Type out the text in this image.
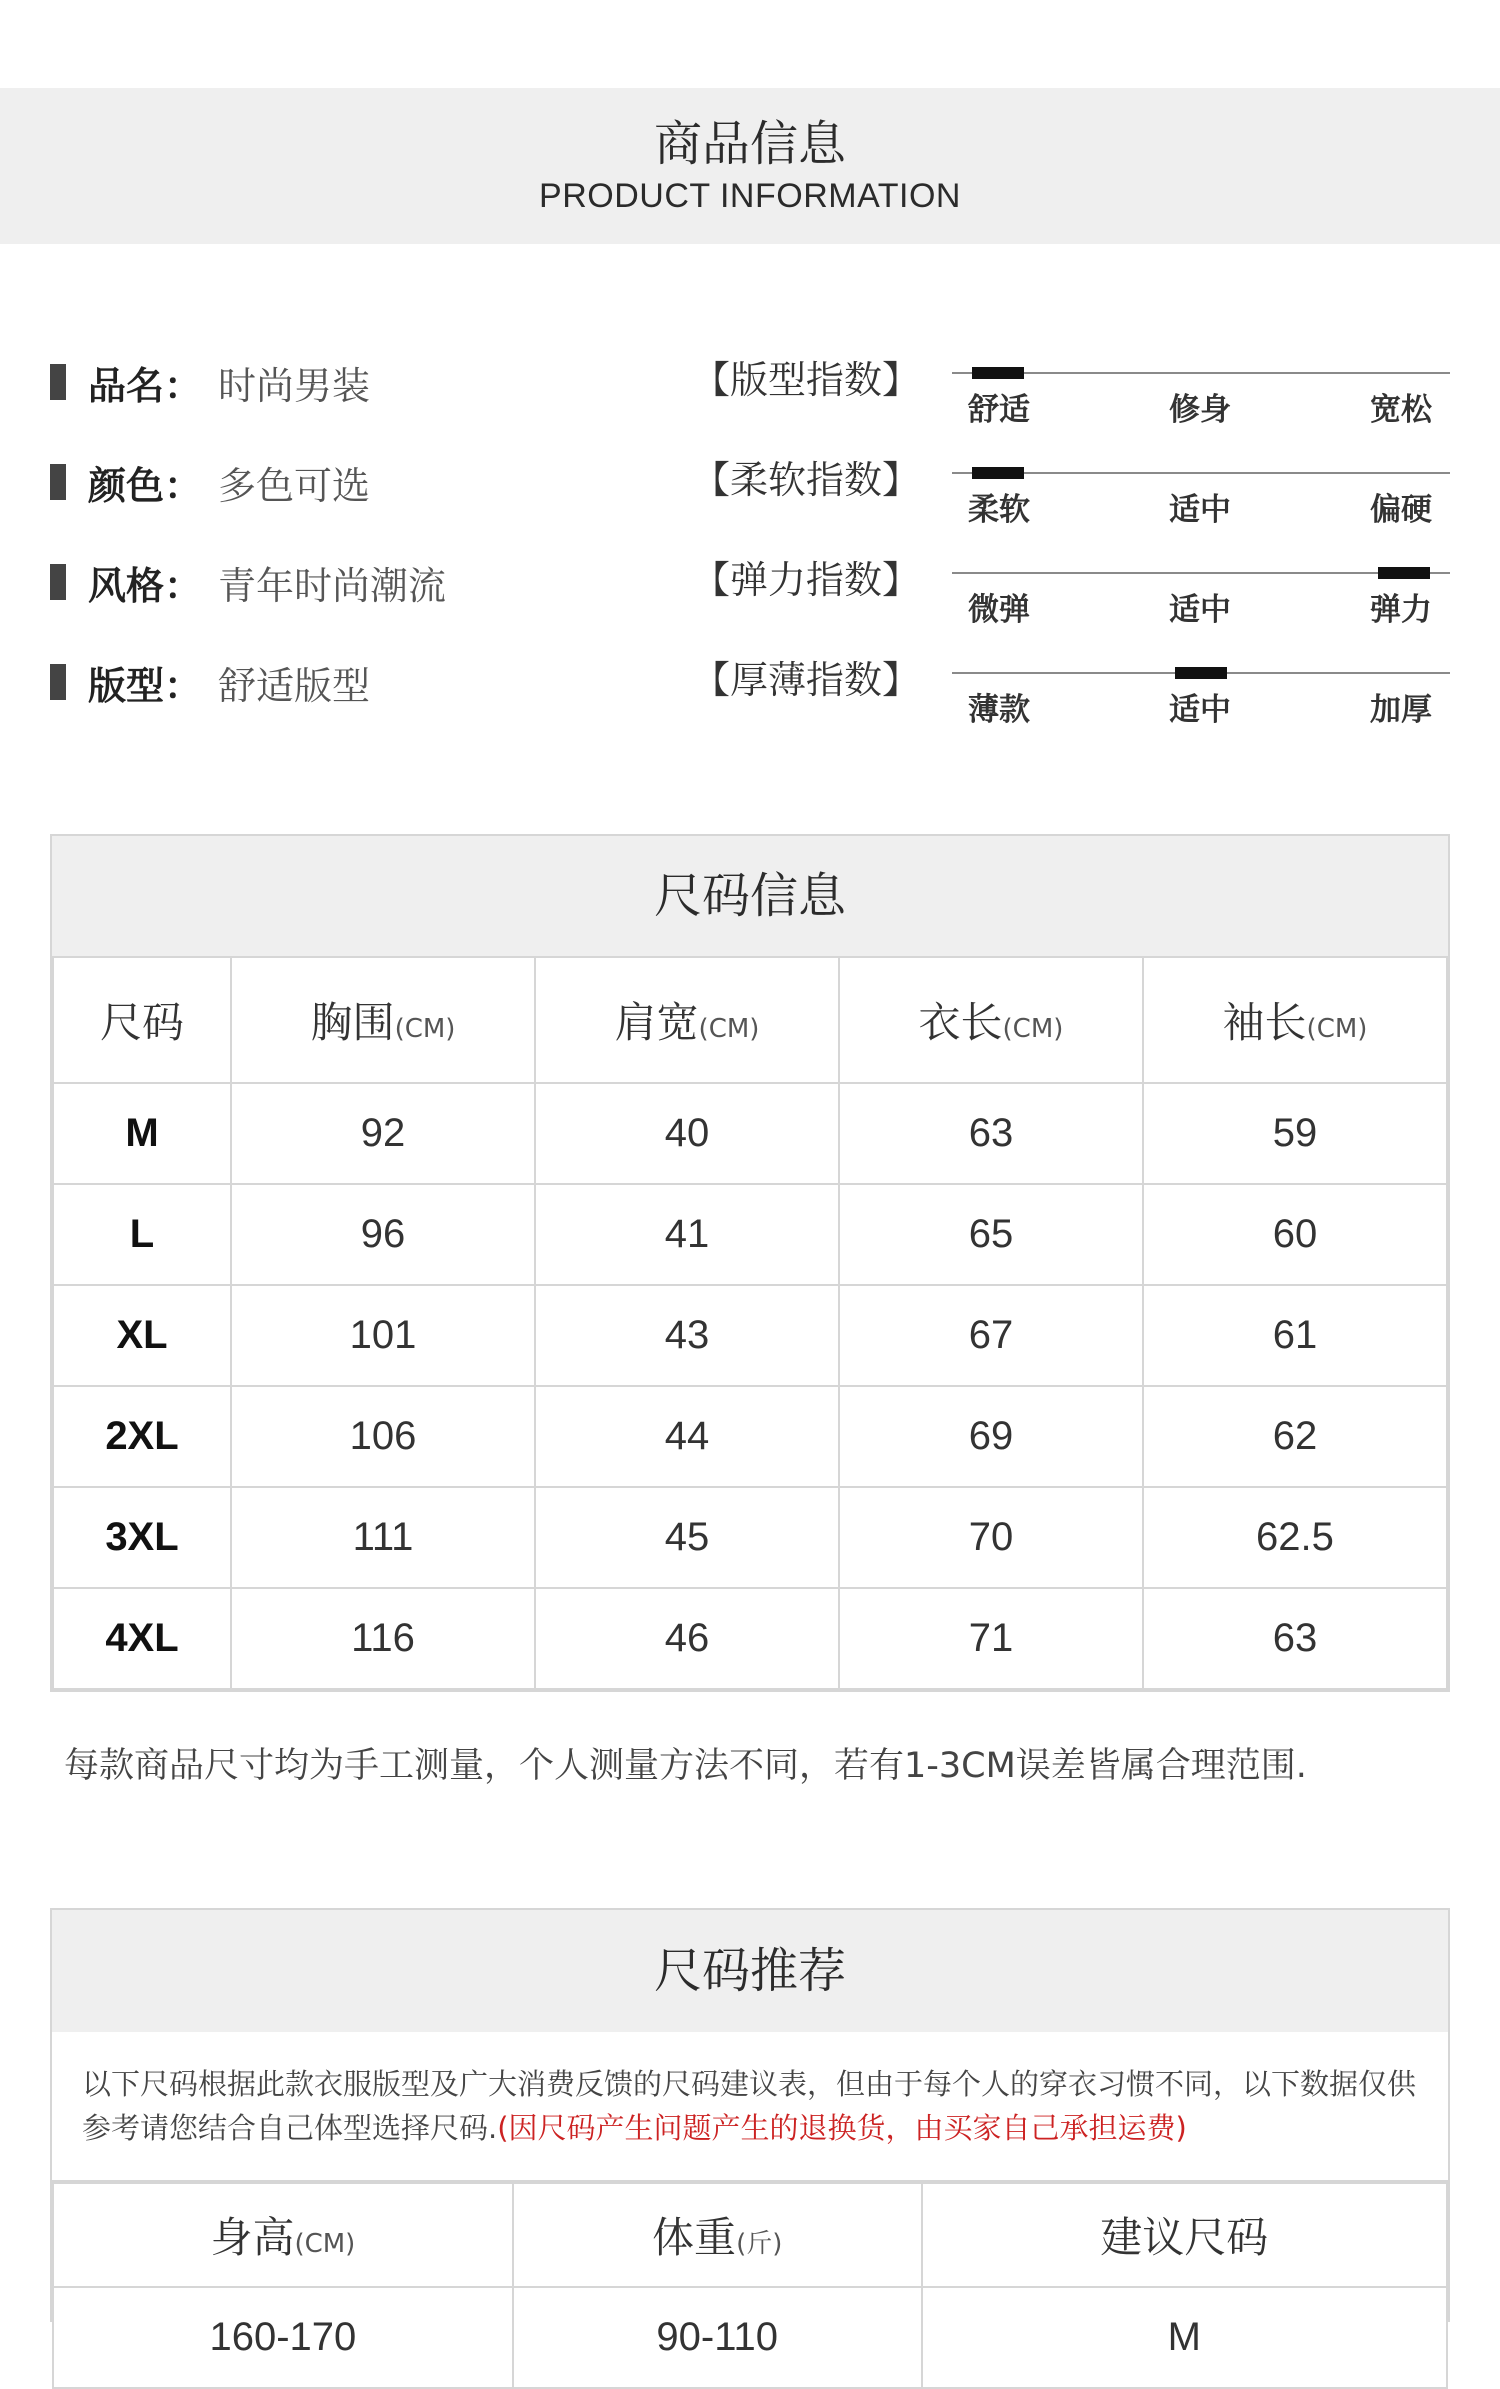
商品信息
PRODUCT INFORMATION
品名： 时尚男装
颜色： 多色可选
风格： 青年时尚潮流
版型： 舒适版型
【版型指数】
【柔软指数】
【弹力指数】
【厚薄指数】
舒适	修身	宽松
柔软	适中	偏硬
微弹	适中	弹力
薄款	适中	加厚
尺码信息
尺码	胸围(CM)	肩宽(CM)	衣长(CM)	袖长(CM)
M	92	40	63	59
L	96	41	65	60
XL	101	43	67	61
2XL	106	44	69	62
3XL	111	45	70	62.5
4XL	116	46	71	63
每款商品尺寸均为手工测量，个人测量方法不同，若有1-3CM误差皆属合理范围.
尺码推荐
以下尺码根据此款衣服版型及广大消费反馈的尺码建议表，但由于每个人的穿衣习惯不同，以下数据仅供参考请您结合自己体型选择尺码.(因尺码产生问题产生的退换货，由买家自己承担运费)
身高(CM)	体重(斤)	建议尺码
160-170	90-110	M
